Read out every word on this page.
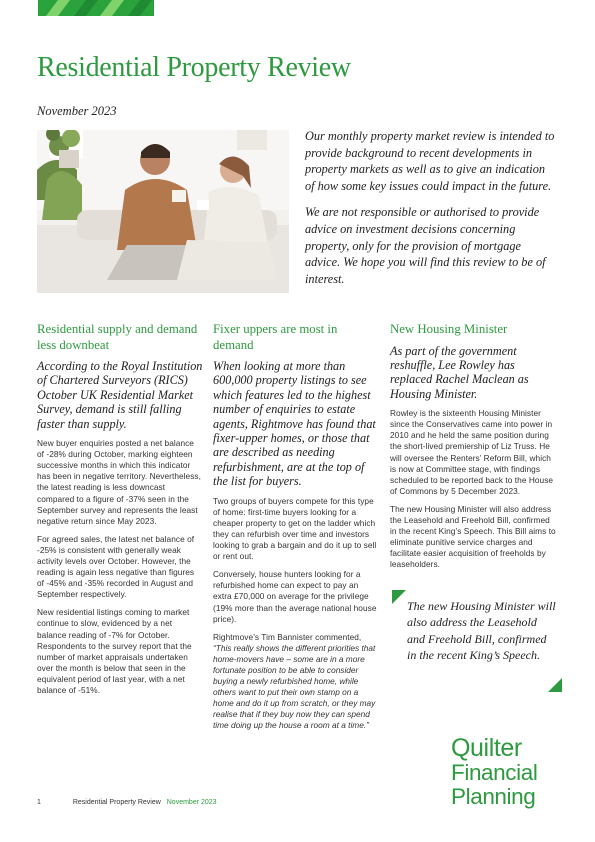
Residential Property Review

November 2023

Our monthly property market review is intended to provide background to recent developments in property markets as well as to give an indication of how some key issues could impact in the future.

We are not responsible or authorised to provide advice on investment decisions concerning property, only for the provision of mortgage advice. We hope you will find this review to be of interest.

Residential supply and demand less downbeat

According to the Royal Institution of Chartered Surveyors (RICS) October UK Residential Market Survey, demand is still falling faster than supply.

New buyer enquiries posted a net balance of -28% during October, marking eighteen successive months in which this indicator has been in negative territory. Nevertheless, the latest reading is less downcast compared to a figure of -37% seen in the September survey and represents the least negative return since May 2023.

For agreed sales, the latest net balance of -25% is consistent with generally weak activity levels over October. However, the reading is again less negative than figures of -45% and -35% recorded in August and September respectively.

New residential listings coming to market continue to slow, evidenced by a net balance reading of -7% for October. Respondents to the survey report that the number of market appraisals undertaken over the month is below that seen in the equivalent period of last year, with a net balance of -51%.

Fixer uppers are most in demand

When looking at more than 600,000 property listings to see which features led to the highest number of enquiries to estate agents, Rightmove has found that fixer-upper homes, or those that are described as needing refurbishment, are at the top of the list for buyers.

Two groups of buyers compete for this type of home: first-time buyers looking for a cheaper property to get on the ladder which they can refurbish over time and investors looking to grab a bargain and do it up to sell or rent out.

Conversely, house hunters looking for a refurbished home can expect to pay an extra £70,000 on average for the privilege (19% more than the average national house price).

Rightmove’s Tim Bannister commented,

“This really shows the different priorities that home-movers have – some are in a more fortunate position to be able to consider buying a newly refurbished home, while others want to put their own stamp on a home and do it up from scratch, or they may realise that if they buy now they can spend time doing up the house a room at a time.”

New Housing Minister

As part of the government reshuffle, Lee Rowley has replaced Rachel Maclean as Housing Minister.

Rowley is the sixteenth Housing Minister since the Conservatives came into power in 2010 and he held the same position during the short-lived premiership of Liz Truss. He will oversee the Renters’ Reform Bill, which is now at Committee stage, with findings scheduled to be reported back to the House of Commons by 5 December 2023.

The new Housing Minister will also address the Leasehold and Freehold Bill, confirmed in the recent King’s Speech. This Bill aims to eliminate punitive service charges and facilitate easier acquisition of freeholds by leaseholders.

The new Housing Minister will also address the Leasehold and Freehold Bill, confirmed in the recent King’s Speech.
Quilter
Financial
Planning
1	Residential Property Review November 2023
